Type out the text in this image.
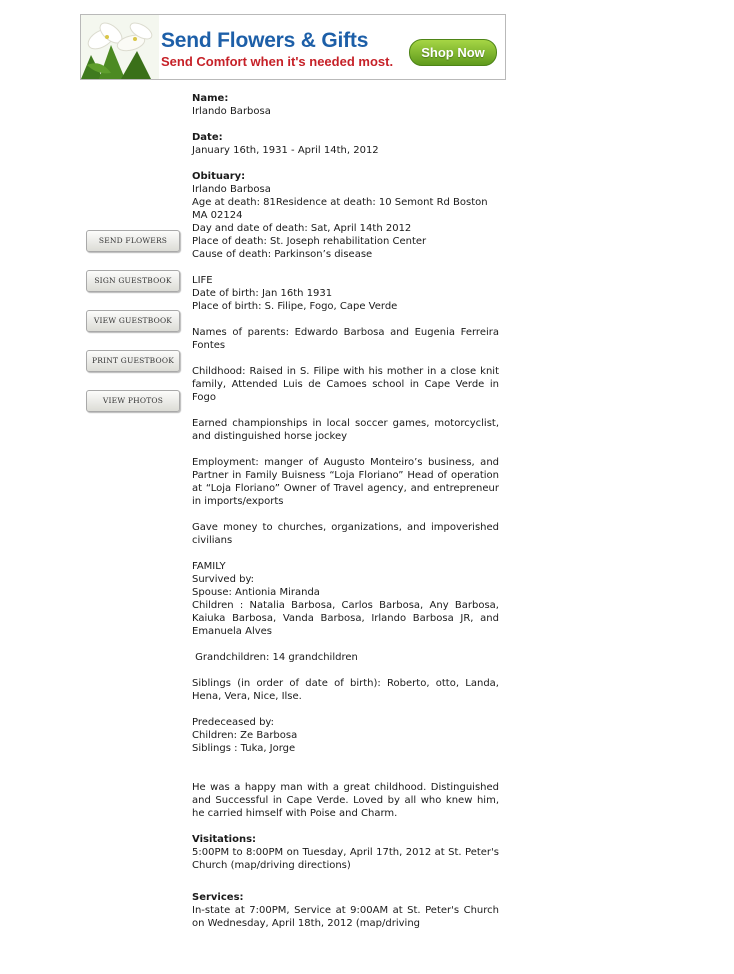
Send Flowers & Gifts
Send Comfort when it's needed most.
Shop Now
SEND FLOWERS
SIGN GUESTBOOK
VIEW GUESTBOOK
PRINT GUESTBOOK
VIEW PHOTOS

Name:

Irlando Barbosa

Date:

January 16th, 1931 - April 14th, 2012

Obituary:

Irlando Barbosa

Age at death: 81Residence at death: 10 Semont Rd Boston MA 02124

Day and date of death: Sat, April 14th 2012

Place of death: St. Joseph rehabilitation Center

Cause of death: Parkinson’s disease

LIFE

Date of birth: Jan 16th 1931

Place of birth: S. Filipe, Fogo, Cape Verde

Names of parents: Edwardo Barbosa and Eugenia Ferreira Fontes

Childhood: Raised in S. Filipe with his mother in a close knit family, Attended Luis de Camoes school in Cape Verde in Fogo

Earned championships in local soccer games, motorcyclist, and distinguished horse jockey

Employment: manger of Augusto Monteiro’s business, and Partner in Family Buisness “Loja Floriano” Head of operation at “Loja Floriano” Owner of Travel agency, and entrepreneur in imports/exports

Gave money to churches, organizations, and impoverished civilians

FAMILY

Survived by:

Spouse: Antionia Miranda

Children : Natalia Barbosa, Carlos Barbosa, Any Barbosa, Kaiuka Barbosa, Vanda Barbosa, Irlando Barbosa JR, and Emanuela Alves

Grandchildren: 14 grandchildren

Siblings (in order of date of birth): Roberto, otto, Landa, Hena, Vera, Nice, Ilse.

Predeceased by:

Children: Ze Barbosa

Siblings : Tuka, Jorge

He was a happy man with a great childhood. Distinguished and Successful in Cape Verde. Loved by all who knew him, he carried himself with Poise and Charm.

Visitations:

5:00PM to 8:00PM on Tuesday, April 17th, 2012 at St. Peter's Church (map/driving directions)

Services:

In-state at 7:00PM, Service at 9:00AM at St. Peter's Church on Wednesday, April 18th, 2012 (map/driving
